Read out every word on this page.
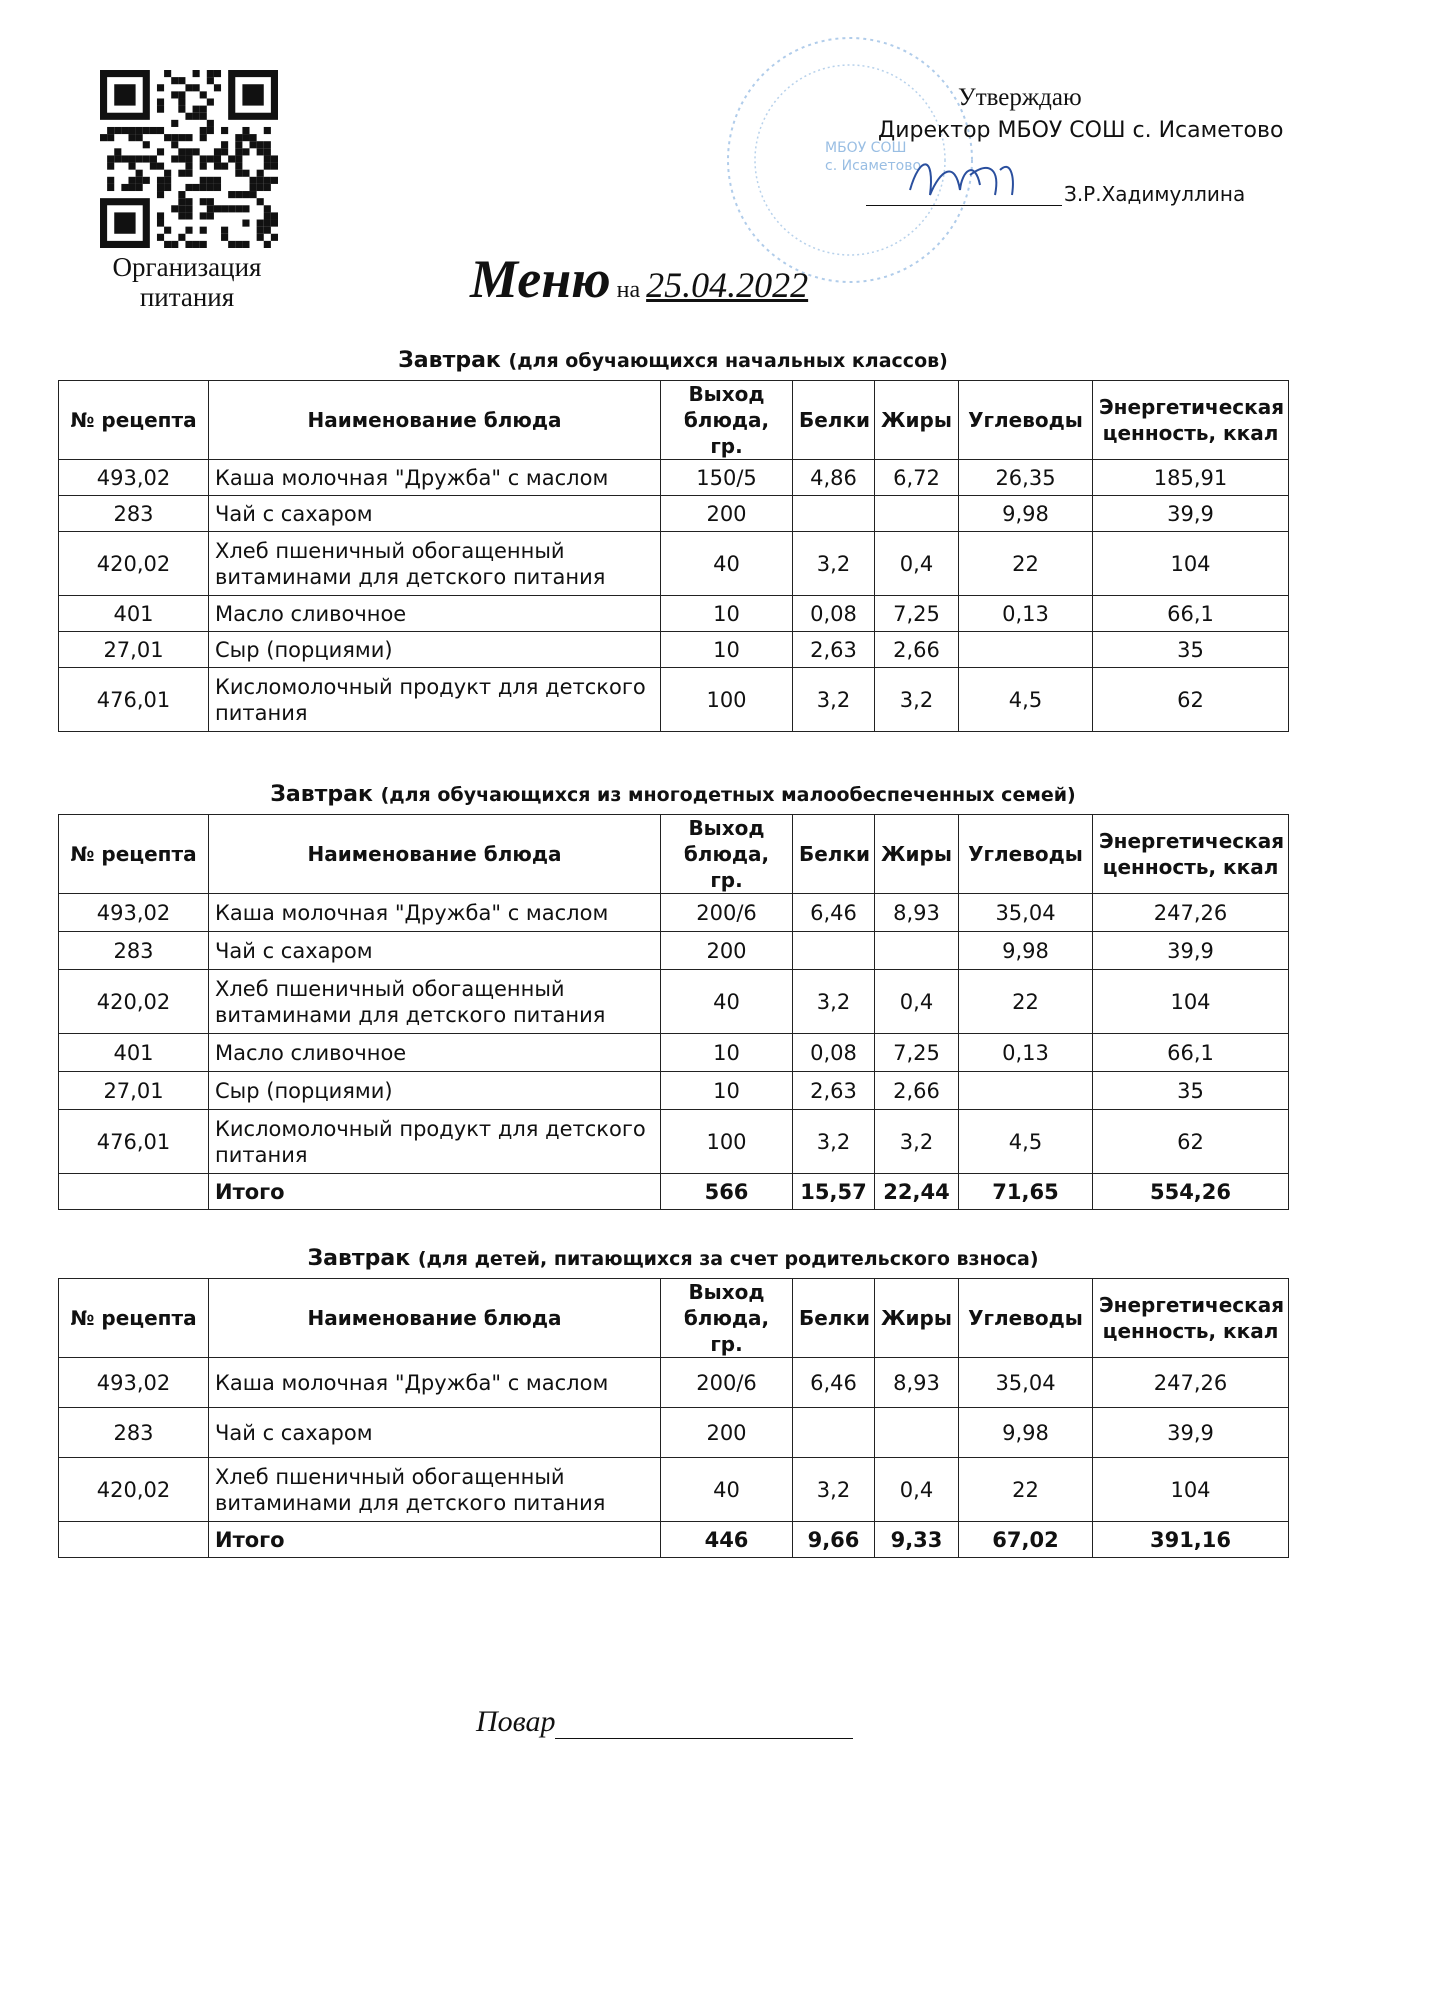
Организация
питания
МБОУ СОШ
с. Исаметово
Утверждаю
Директор МБОУ СОШ с. Исаметово
З.Р.Хадимуллина
Меню на 25.04.2022
Завтрак (для обучающихся начальных классов)
№ рецепта	Наименование блюда	Выход блюда, гр.	Белки	Жиры	Углеводы	Энергетическая ценность, ккал
493,02	Каша молочная "Дружба" с маслом	150/5	4,86	6,72	26,35	185,91
283	Чай с сахаром	200			9,98	39,9
420,02	Хлеб пшеничный обогащенный витаминами для детского питания	40	3,2	0,4	22	104
401	Масло сливочное	10	0,08	7,25	0,13	66,1
27,01	Сыр (порциями)	10	2,63	2,66		35
476,01	Кисломолочный продукт для детского питания	100	3,2	3,2	4,5	62
Завтрак (для обучающихся из многодетных малообеспеченных семей)
№ рецепта	Наименование блюда	Выход блюда, гр.	Белки	Жиры	Углеводы	Энергетическая ценность, ккал
493,02	Каша молочная "Дружба" с маслом	200/6	6,46	8,93	35,04	247,26
283	Чай с сахаром	200			9,98	39,9
420,02	Хлеб пшеничный обогащенный витаминами для детского питания	40	3,2	0,4	22	104
401	Масло сливочное	10	0,08	7,25	0,13	66,1
27,01	Сыр (порциями)	10	2,63	2,66		35
476,01	Кисломолочный продукт для детского питания	100	3,2	3,2	4,5	62
	Итого	566	15,57	22,44	71,65	554,26
Завтрак (для детей, питающихся за счет родительского взноса)
№ рецепта	Наименование блюда	Выход блюда, гр.	Белки	Жиры	Углеводы	Энергетическая ценность, ккал
493,02	Каша молочная "Дружба" с маслом	200/6	6,46	8,93	35,04	247,26
283	Чай с сахаром	200			9,98	39,9
420,02	Хлеб пшеничный обогащенный витаминами для детского питания	40	3,2	0,4	22	104
	Итого	446	9,66	9,33	67,02	391,16
Повар
